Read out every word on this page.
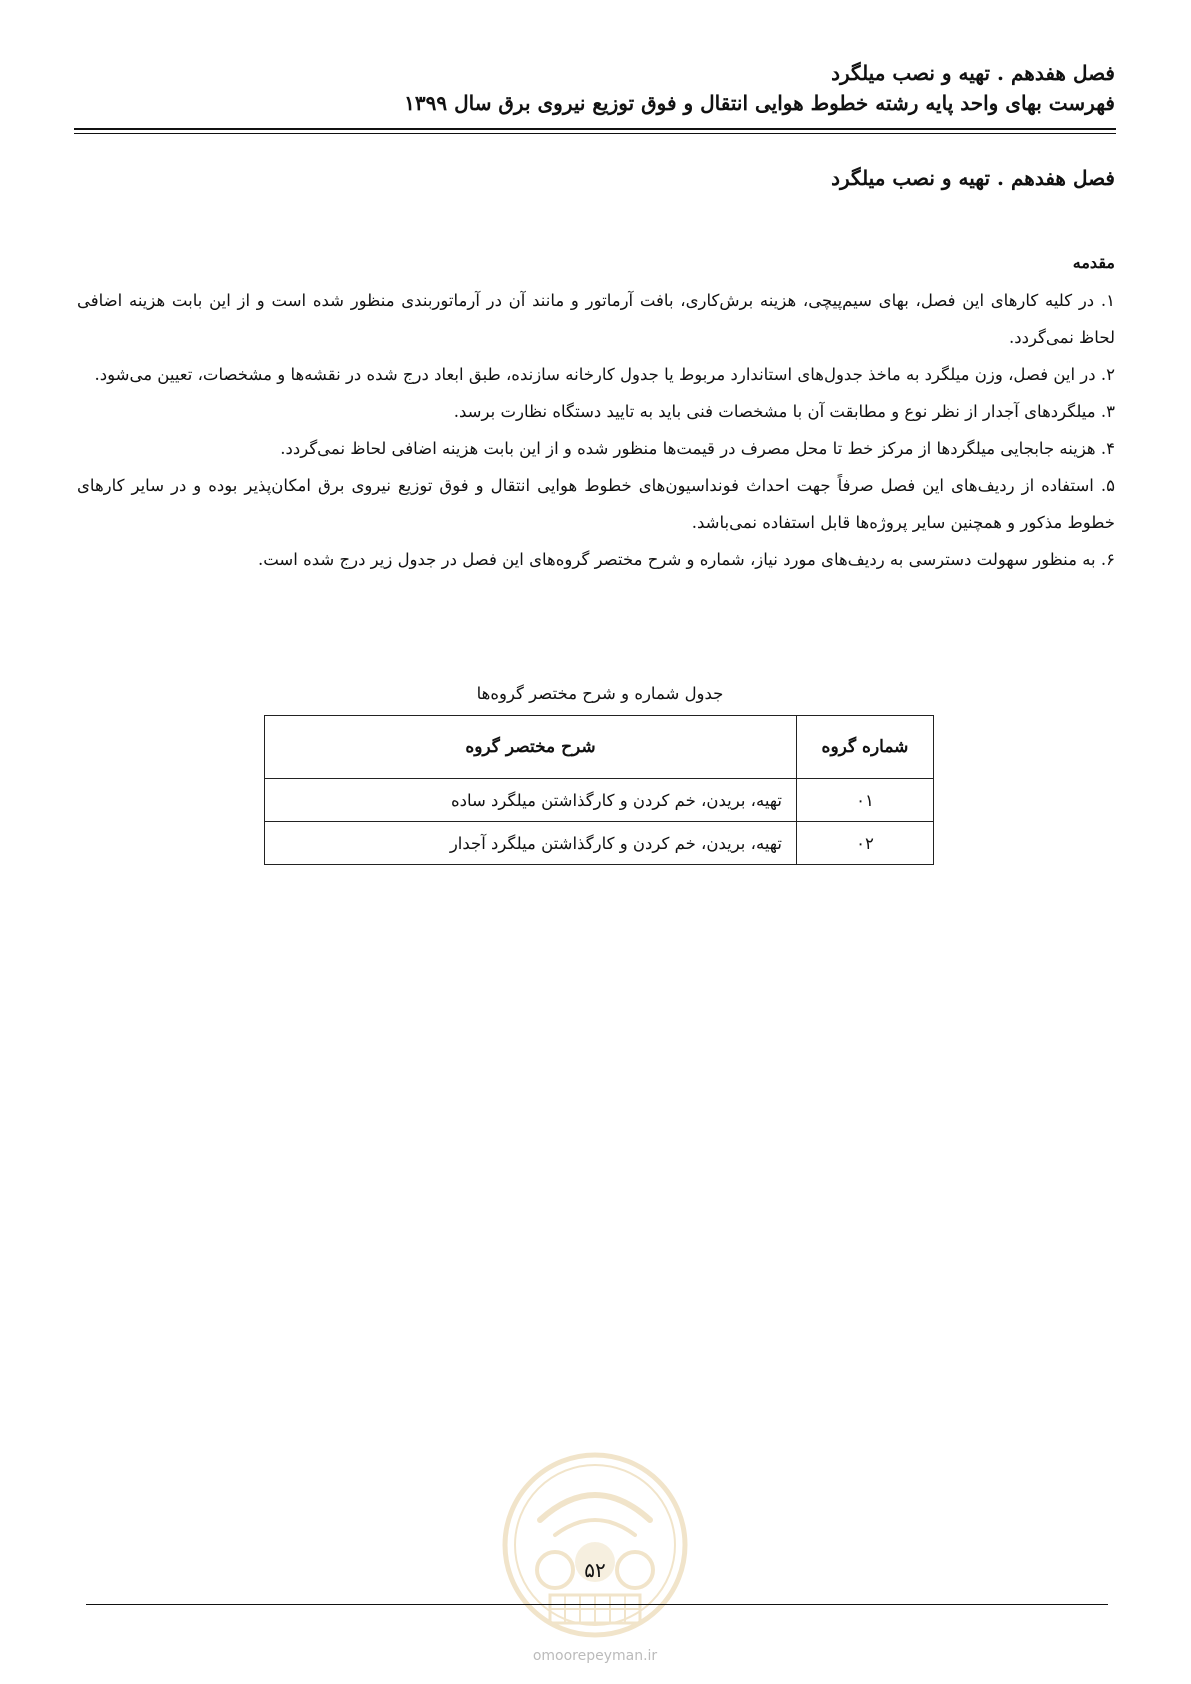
فصل هفدهم . تهیه و نصب میلگرد
فهرست بهای واحد پایه رشته خطوط هوایی انتقال و فوق توزیع نیروی برق سال ۱۳۹۹
فصل هفدهم . تهیه و نصب میلگرد
مقدمه

۱. در کلیه کارهای این فصل، بهای سیم‌پیچی، هزینه برش‌کاری، بافت آرماتور و مانند آن در آرماتوربندی منظور شده است و از این بابت هزینه اضافی لحاظ نمی‌گردد.

۲. در این فصل، وزن میلگرد به ماخذ جدول‌های استاندارد مربوط یا جدول کارخانه سازنده، طبق ابعاد درج شده در نقشه‌ها و مشخصات، تعیین می‌شود.

۳. میلگردهای آجدار از نظر نوع و مطابقت آن با مشخصات فنی باید به تایید دستگاه نظارت برسد.

۴. هزینه جابجایی میلگردها از مرکز خط تا محل مصرف در قیمت‌ها منظور شده و از این بابت هزینه اضافی لحاظ نمی‌گردد.

۵. استفاده از ردیف‌های این فصل صرفاً جهت احداث فونداسیون‌های خطوط هوایی انتقال و فوق توزیع نیروی برق امکان‌پذیر بوده و در سایر کارهای خطوط مذکور و همچنین سایر پروژه‌ها قابل استفاده نمی‌باشد.

۶. به منظور سهولت دسترسی به ردیف‌های مورد نیاز، شماره و شرح مختصر گروه‌های این فصل در جدول زیر درج شده است.

جدول شماره و شرح مختصر گروه‌ها
شماره گروه	شرح مختصر گروه
۰۱	تهیه، بریدن، خم کردن و کارگذاشتن میلگرد ساده
۰۲	تهیه، بریدن، خم کردن و کارگذاشتن میلگرد آجدار
۵۲
omoorepeyman.ir
